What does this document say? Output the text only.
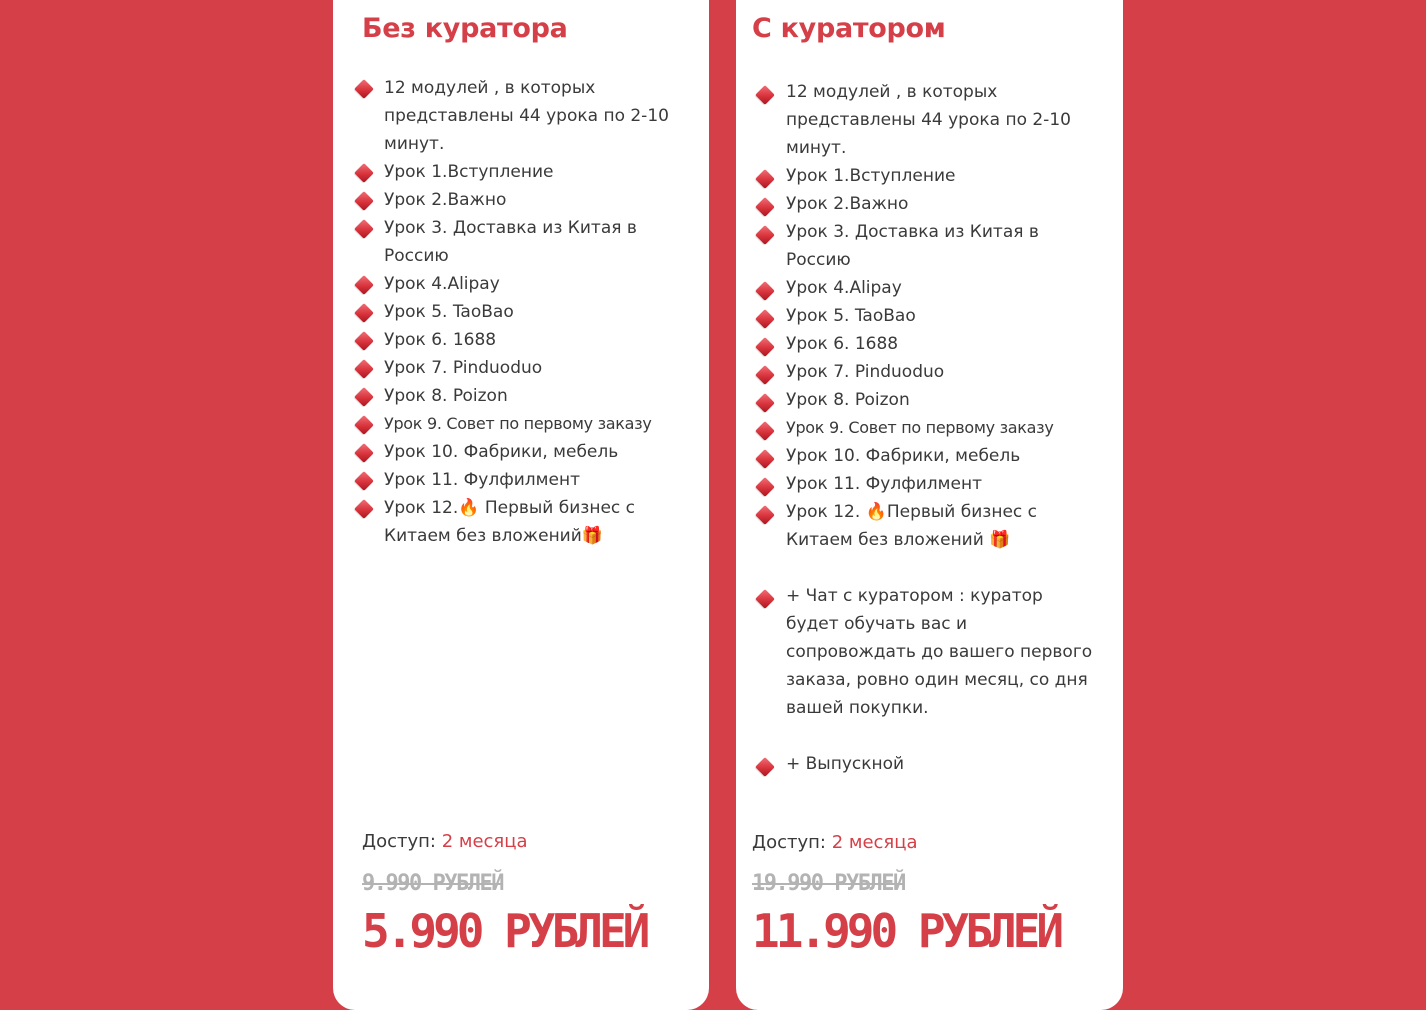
Без куратора
12 модулей , в которых представлены 44 урока по 2-10 минут.
Урок 1.Вступление
Урок 2.Важно
Урок 3. Доставка из Китая в Россию
Урок 4.Alipay
Урок 5. TaoBao
Урок 6. 1688
Урок 7. Pinduoduo
Урок 8. Poizon
Урок 9. Совет по первому заказу
Урок 10. Фабрики, мебель
Урок 11. Фулфилмент
Урок 12.🔥 Первый бизнес с Китаем без вложений🎁
Доступ: 2 месяца
9.990 РУБЛЕЙ
5.990 РУБЛЕЙ
С куратором
12 модулей , в которых представлены 44 урока по 2-10 минут.
Урок 1.Вступление
Урок 2.Важно
Урок 3. Доставка из Китая в Россию
Урок 4.Alipay
Урок 5. TaoBao
Урок 6. 1688
Урок 7. Pinduoduo
Урок 8. Poizon
Урок 9. Совет по первому заказу
Урок 10. Фабрики, мебель
Урок 11. Фулфилмент
Урок 12. 🔥Первый бизнес с Китаем без вложений 🎁
+ Чат с куратором : куратор будет обучать вас и сопровождать до вашего первого заказа, ровно один месяц, со дня вашей покупки.
+ Выпускной
Доступ: 2 месяца
19.990 РУБЛЕЙ
11.990 РУБЛЕЙ
